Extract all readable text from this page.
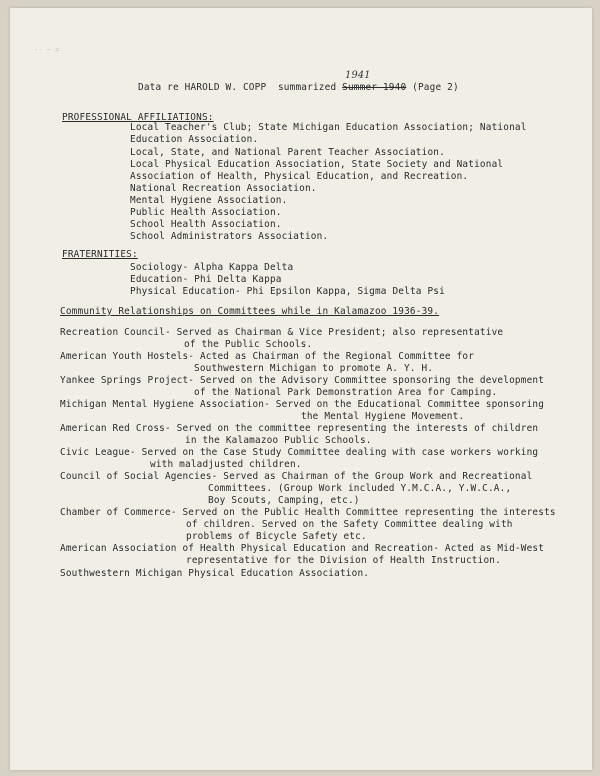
-- ~ =
Data re HAROLD W. COPP  summarized Summer 1940 (Page 2)
1941
PROFESSIONAL AFFILIATIONS:
Local Teacher's Club; State Michigan Education Association; National
Education Association.
Local, State, and National Parent Teacher Association.
Local Physical Education Association, State Society and National
Association of Health, Physical Education, and Recreation.
National Recreation Association.
Mental Hygiene Association.
Public Health Association.
School Health Association.
School Administrators Association.
FRATERNITIES:
Sociology- Alpha Kappa Delta
Education- Phi Delta Kappa
Physical Education- Phi Epsilon Kappa, Sigma Delta Psi
Community Relationships on Committees while in Kalamazoo 1936-39.
Recreation Council- Served as Chairman & Vice President; also representative
of the Public Schools.
American Youth Hostels- Acted as Chairman of the Regional Committee for
Southwestern Michigan to promote A. Y. H.
Yankee Springs Project- Served on the Advisory Committee sponsoring the development
of the National Park Demonstration Area for Camping.
Michigan Mental Hygiene Association- Served on the Educational Committee sponsoring
the Mental Hygiene Movement.
American Red Cross- Served on the committee representing the interests of children
in the Kalamazoo Public Schools.
Civic League- Served on the Case Study Committee dealing with case workers working
with maladjusted children.
Council of Social Agencies- Served as Chairman of the Group Work and Recreational
Committees. (Group Work included Y.M.C.A., Y.W.C.A.,
Boy Scouts, Camping, etc.)
Chamber of Commerce- Served on the Public Health Committee representing the interests
of children. Served on the Safety Committee dealing with
problems of Bicycle Safety etc.
American Association of Health Physical Education and Recreation- Acted as Mid-West
representative for the Division of Health Instruction.
Southwestern Michigan Physical Education Association.
